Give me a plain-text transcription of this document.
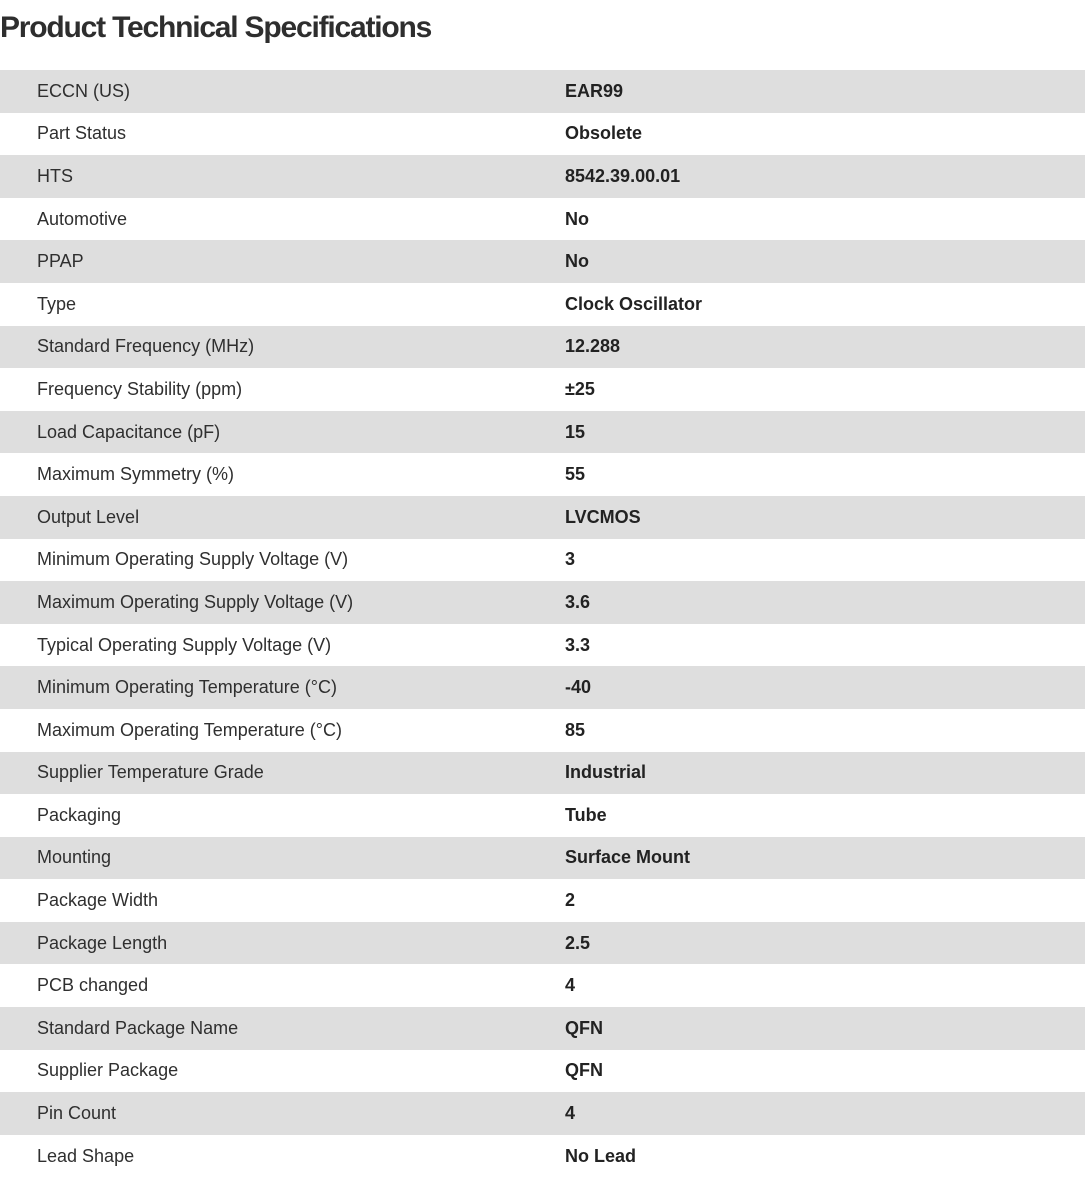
Product Technical Specifications
ECCN (US)	EAR99
Part Status	Obsolete
HTS	8542.39.00.01
Automotive	No
PPAP	No
Type	Clock Oscillator
Standard Frequency (MHz)	12.288
Frequency Stability (ppm)	±25
Load Capacitance (pF)	15
Maximum Symmetry (%)	55
Output Level	LVCMOS
Minimum Operating Supply Voltage (V)	3
Maximum Operating Supply Voltage (V)	3.6
Typical Operating Supply Voltage (V)	3.3
Minimum Operating Temperature (°C)	-40
Maximum Operating Temperature (°C)	85
Supplier Temperature Grade	Industrial
Packaging	Tube
Mounting	Surface Mount
Package Width	2
Package Length	2.5
PCB changed	4
Standard Package Name	QFN
Supplier Package	QFN
Pin Count	4
Lead Shape	No Lead
